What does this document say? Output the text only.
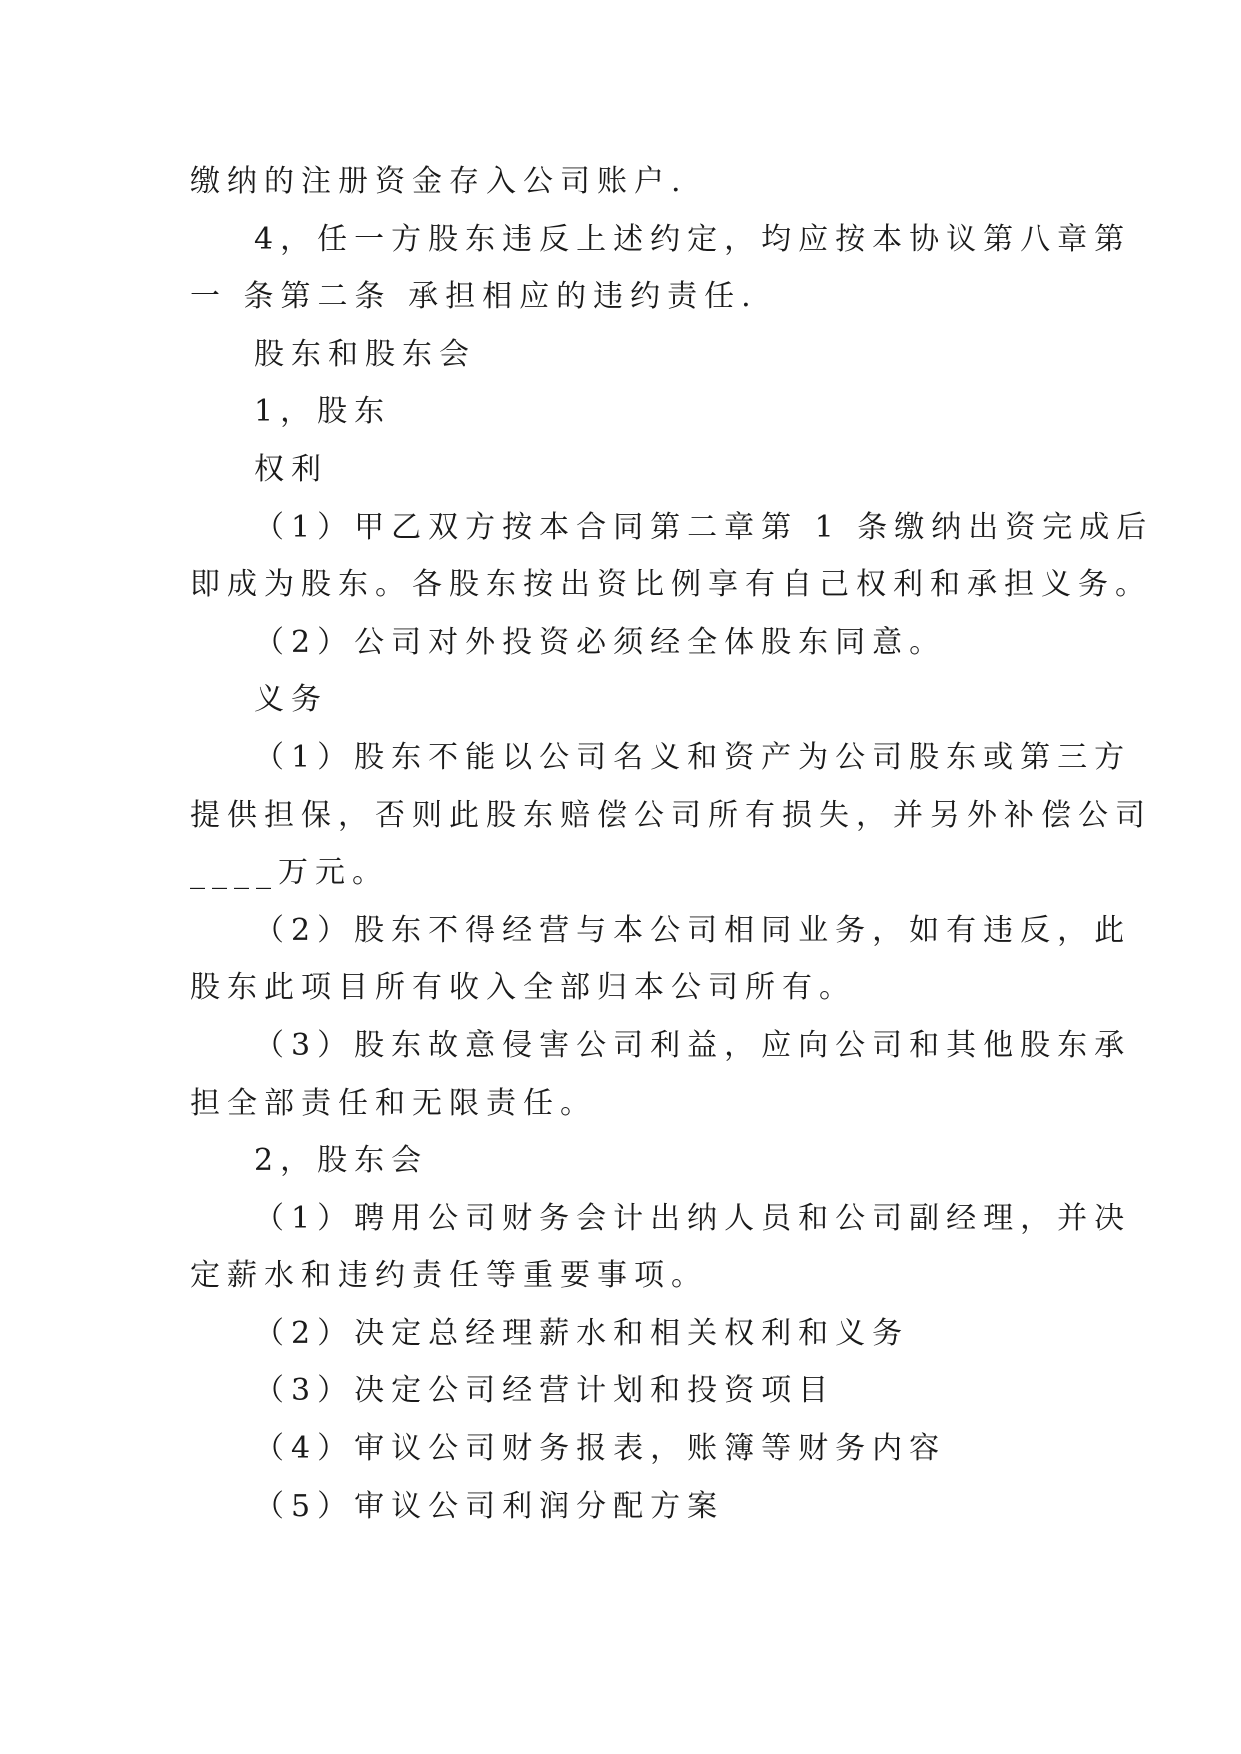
缴纳的注册资金存入公司账户.
4，任一方股东违反上述约定，均应按本协议第八章第
一 条第二条 承担相应的违约责任.
股东和股东会
1，股东
权利
（1）甲乙双方按本合同第二章第 1 条缴纳出资完成后
即成为股东。各股东按出资比例享有自己权利和承担义务。
（2）公司对外投资必须经全体股东同意。
义务
（1）股东不能以公司名义和资产为公司股东或第三方
提供担保，否则此股东赔偿公司所有损失，并另外补偿公司
____万元。
（2）股东不得经营与本公司相同业务，如有违反，此
股东此项目所有收入全部归本公司所有。
（3）股东故意侵害公司利益，应向公司和其他股东承
担全部责任和无限责任。
2，股东会
（1）聘用公司财务会计出纳人员和公司副经理，并决
定薪水和违约责任等重要事项。
（2）决定总经理薪水和相关权利和义务
（3）决定公司经营计划和投资项目
（4）审议公司财务报表，账簿等财务内容
（5）审议公司利润分配方案
